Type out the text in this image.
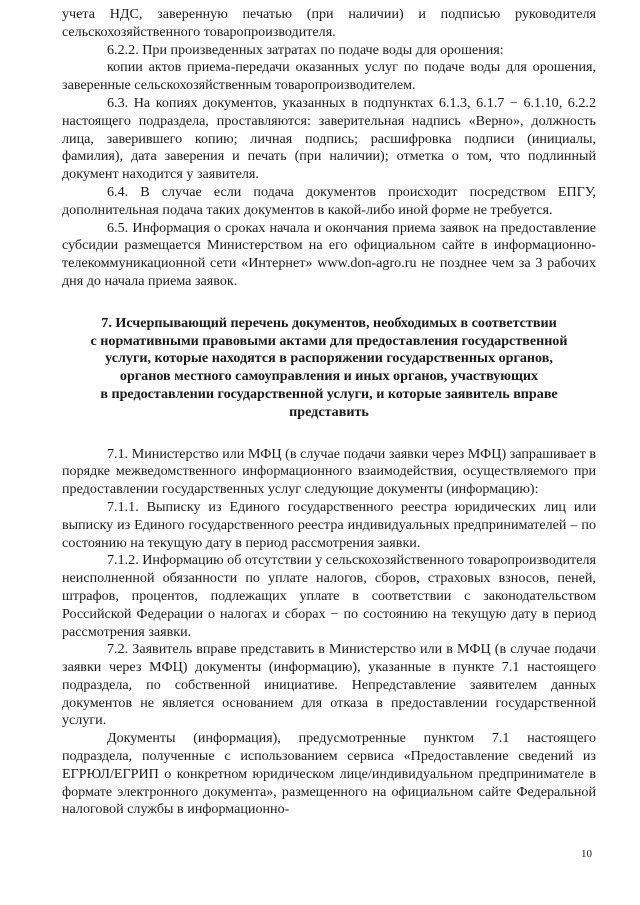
учета НДС, заверенную печатью (при наличии) и подписью руководителя сельскохозяйственного товаропроизводителя.

6.2.2. При произведенных затратах по подаче воды для орошения:

копии актов приема-передачи оказанных услуг по подаче воды для орошения, заверенные сельскохозяйственным товаропроизводителем.

6.3. На копиях документов, указанных в подпунктах 6.1.3, 6.1.7 − 6.1.10, 6.2.2 настоящего подраздела, проставляются: заверительная надпись «Верно», должность лица, заверившего копию; личная подпись; расшифровка подписи (инициалы, фамилия), дата заверения и печать (при наличии); отметка о том, что подлинный документ находится у заявителя.

6.4. В случае если подача документов происходит посредством ЕПГУ, дополнительная подача таких документов в какой-либо иной форме не требуется.

6.5. Информация о сроках начала и окончания приема заявок на предоставление субсидии размещается Министерством на его официальном сайте в информационно-телекоммуникационной сети «Интернет» www.don-agro.ru не позднее чем за 3 рабочих дня до начала приема заявок.

7. Исчерпывающий перечень документов, необходимых в соответствии
с нормативными правовыми актами для предоставления государственной
услуги, которые находятся в распоряжении государственных органов,
органов местного самоуправления и иных органов, участвующих
в предоставлении государственной услуги, и которые заявитель вправе
представить

7.1. Министерство или МФЦ (в случае подачи заявки через МФЦ) запрашивает в порядке межведомственного информационного взаимодействия, осуществляемого при предоставлении государственных услуг следующие документы (информацию):

7.1.1. Выписку из Единого государственного реестра юридических лиц или выписку из Единого государственного реестра индивидуальных предпринимателей – по состоянию на текущую дату в период рассмотрения заявки.

7.1.2. Информацию об отсутствии у сельскохозяйственного товаропроизводителя неисполненной обязанности по уплате налогов, сборов, страховых взносов, пеней, штрафов, процентов, подлежащих уплате в соответствии с законодательством Российской Федерации о налогах и сборах − по состоянию на текущую дату в период рассмотрения заявки.

7.2. Заявитель вправе представить в Министерство или в МФЦ (в случае подачи заявки через МФЦ) документы (информацию), указанные в пункте 7.1 настоящего подраздела, по собственной инициативе. Непредставление заявителем данных документов не является основанием для отказа в предоставлении государственной услуги.

Документы (информация), предусмотренные пунктом 7.1 настоящего подраздела, полученные с использованием сервиса «Предоставление сведений из ЕГРЮЛ/ЕГРИП о конкретном юридическом лице/индивидуальном предпринимателе в формате электронного документа», размещенного на официальном сайте Федеральной налоговой службы в информационно-

10
